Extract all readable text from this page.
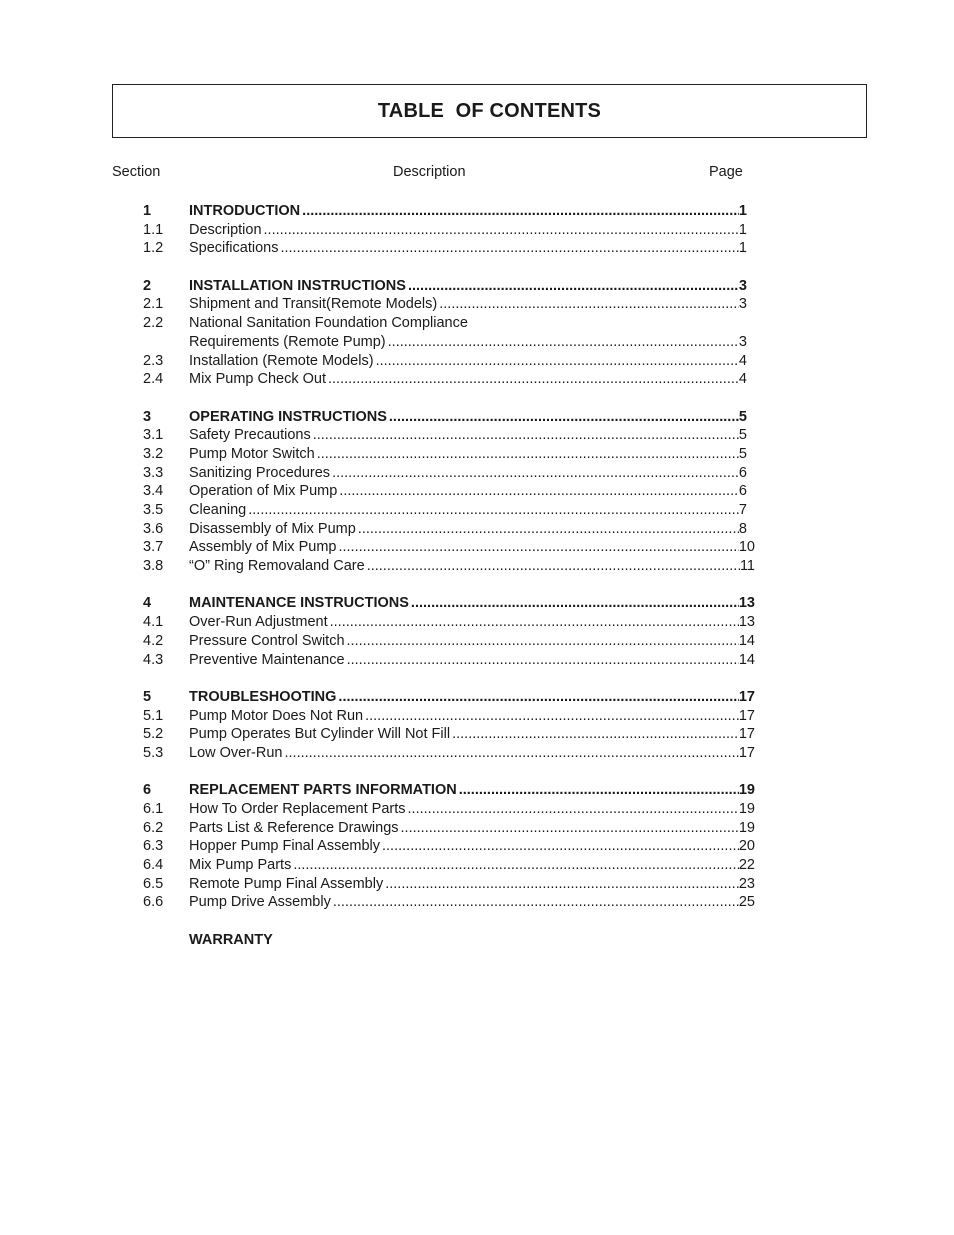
TABLE  OF CONTENTS

Section	Description	Page

1	INTRODUCTION .....	1
1.1 Description .....	1
1.2 Specifications .....	1
2	INSTALLATION INSTRUCTIONS .....	3
2.1 Shipment and Transit(Remote Models) .....	3
2.2 National Sanitation Foundation Compliance
Requirements (Remote Pump) .....	3
2.3 Installation (Remote Models) .....	4
2.4 Mix Pump Check Out .....	4
3	OPERATING INSTRUCTIONS .....	5
3.1 Safety Precautions .....	5
3.2 Pump Motor Switch .....	5
3.3 Sanitizing Procedures .....	6
3.4 Operation of Mix Pump .....	6
3.5 Cleaning .....	7
3.6 Disassembly of Mix Pump .....	8
3.7 Assembly of Mix Pump .....	10
3.8 “O” Ring Removaland Care .....	11
4	MAINTENANCE INSTRUCTIONS .....	13
4.1 Over-Run Adjustment .....	13
4.2 Pressure Control Switch .....	14
4.3 Preventive Maintenance .....	14
5	TROUBLESHOOTING .....	17
5.1 Pump Motor Does Not Run .....	17
5.2 Pump Operates But Cylinder Will Not Fill .....	17
5.3 Low Over-Run .....	17
6	REPLACEMENT PARTS INFORMATION .....	19
6.1 How To Order Replacement Parts .....	19
6.2 Parts List & Reference Drawings .....	19
6.3 Hopper Pump Final Assembly .....	20
6.4 Mix Pump Parts .....	22
6.5 Remote Pump Final Assembly .....	23
6.6 Pump Drive Assembly .....	25
WARRANTY
